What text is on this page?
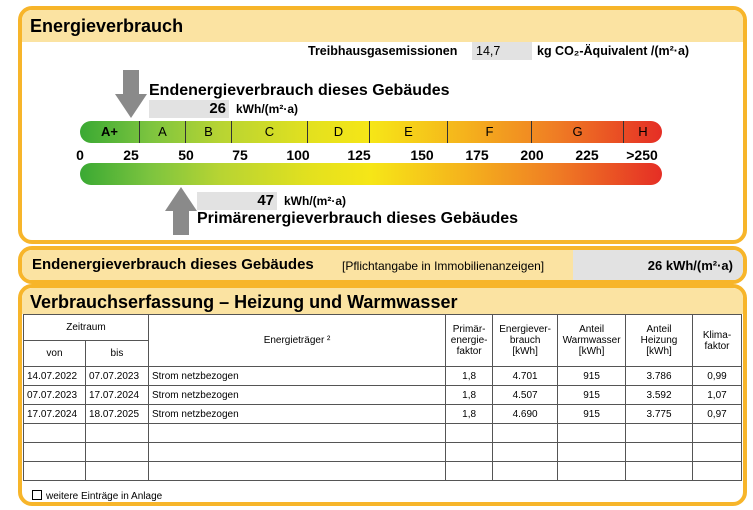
Energieverbrauch
Treibhausgasemissionen	14,7	kg CO₂-Äquivalent /(m²·a)
Endenergieverbrauch dieses Gebäudes
26 kWh/(m²·a)
A+	A	B	C	D	E	F	G	H
0	25	50	75	100	125	150 175 200 225 >250
47 kWh/(m²·a)
Primärenergieverbrauch dieses Gebäudes
Endenergieverbrauch dieses Gebäudes [Pflichtangabe in Immobilienanzeigen]	26 kWh/(m²·a)
Verbrauchserfassung – Heizung und Warmwasser
Zeitraum		Energieträger ²	Primär-energie-faktor	Energiever-brauch [kWh]	Anteil Warmwasser [kWh]	Anteil Heizung [kWh]	Klima-faktor
von	bis						
14.07.2022	07.07.2023	Strom netzbezogen	1,8	4.701	915	3.786	0,99
07.07.2023	17.07.2024	Strom netzbezogen	1,8	4.507	915	3.592	1,07
17.07.2024	18.07.2025	Strom netzbezogen	1,8	4.690	915	3.775	0,97

weitere Einträge in Anlage
